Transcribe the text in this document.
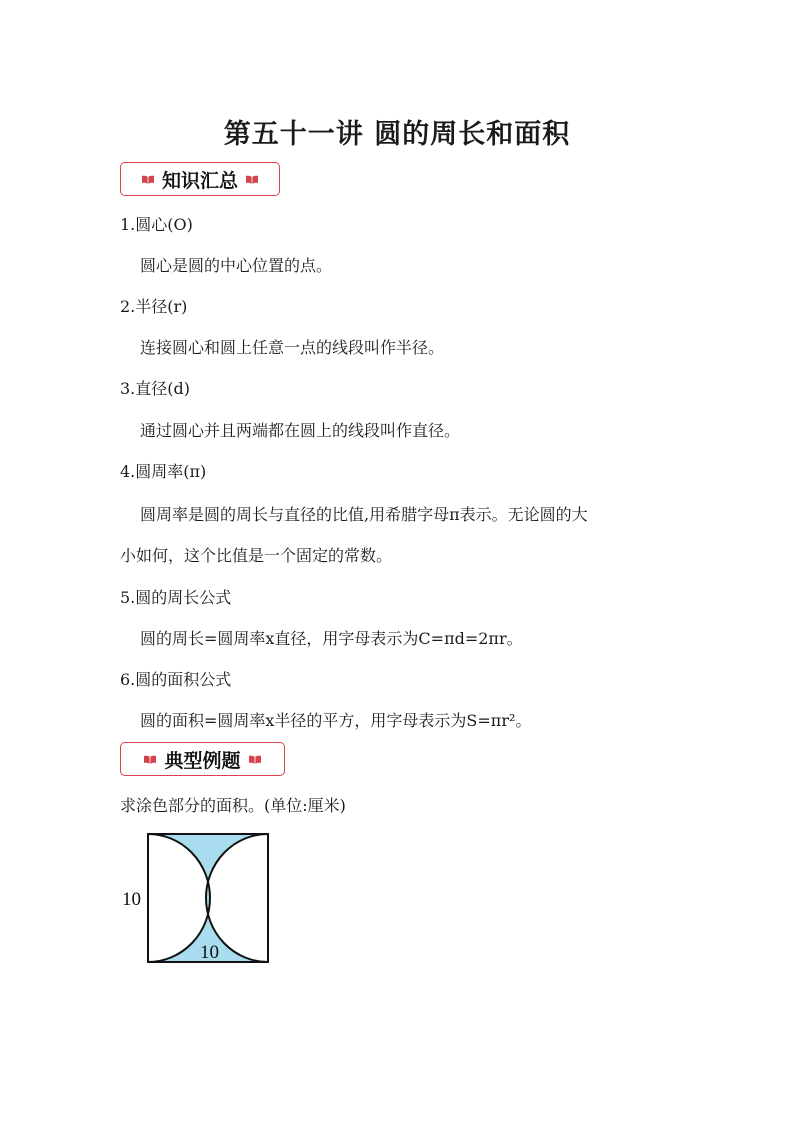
第五十一讲 圆的周长和面积
知识汇总
1.圆心(O)
圆心是圆的中心位置的点。
2.半径(r)
连接圆心和圆上任意一点的线段叫作半径。
3.直径(d)
通过圆心并且两端都在圆上的线段叫作直径。
4.圆周率(π)
圆周率是圆的周长与直径的比值,用希腊字母π表示。无论圆的大
小如何，这个比值是一个固定的常数。
5.圆的周长公式
圆的周长=圆周率x直径，用字母表示为C=πd=2πr。
6.圆的面积公式
圆的面积=圆周率x半径的平方，用字母表示为S=πr²。
典型例题
求涂色部分的面积。(单位:厘米)
10
10
